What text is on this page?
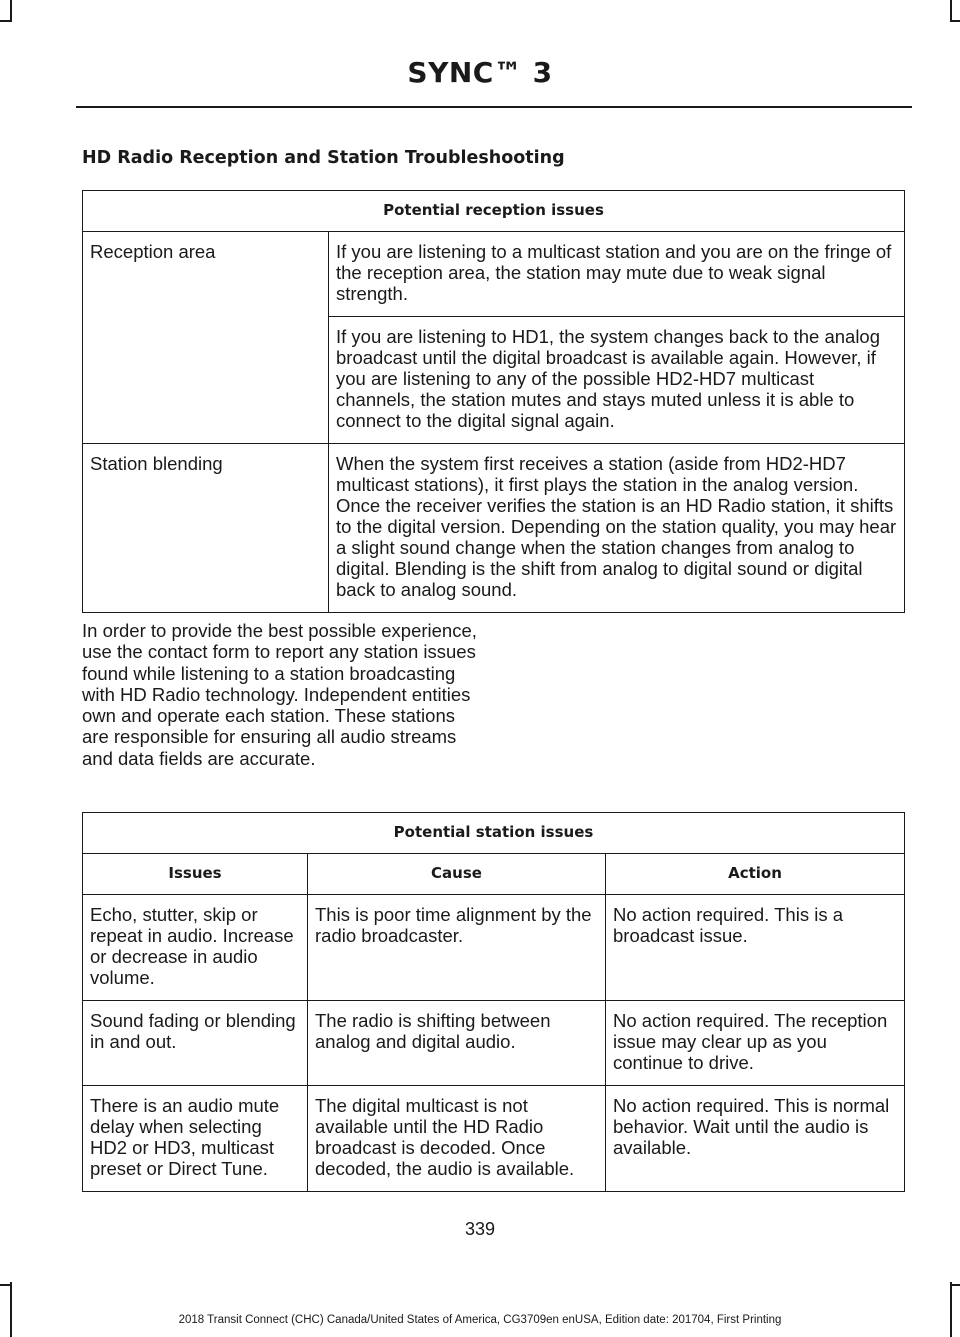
SYNC™ 3
HD Radio Reception and Station Troubleshooting
Potential reception issues	
Reception area	If you are listening to a multicast station and you are on the fringe of the reception area, the station may mute due to weak signal strength.
	If you are listening to HD1, the system changes back to the analog broadcast until the digital broadcast is available again. However, if you are listening to any of the possible HD2-HD7 multicast channels, the station mutes and stays muted unless it is able to connect to the digital signal again.
Station blending	When the system first receives a station (aside from HD2-HD7 multicast stations), it first plays the station in the analog version. Once the receiver verifies the station is an HD Radio station, it shifts to the digital version. Depending on the station quality, you may hear a slight sound change when the station changes from analog to digital. Blending is the shift from analog to digital sound or digital back to analog sound.
In order to provide the best possible experience, use the contact form to report any station issues found while listening to a station broadcasting with HD Radio technology. Independent entities own and operate each station. These stations are responsible for ensuring all audio streams and data fields are accurate.
Potential station issues		
Issues	Cause	Action
Echo, stutter, skip or repeat in audio. Increase or decrease in audio volume.	This is poor time alignment by the radio broadcaster.	No action required. This is a broadcast issue.
Sound fading or blending in and out.	The radio is shifting between analog and digital audio.	No action required. The reception issue may clear up as you continue to drive.
There is an audio mute delay when selecting HD2 or HD3, multicast preset or Direct Tune.	The digital multicast is not available until the HD Radio broadcast is decoded. Once decoded, the audio is available.	No action required. This is normal behavior. Wait until the audio is available.
339
2018 Transit Connect (CHC) Canada/United States of America, CG3709en enUSA, Edition date: 201704, First Printing
